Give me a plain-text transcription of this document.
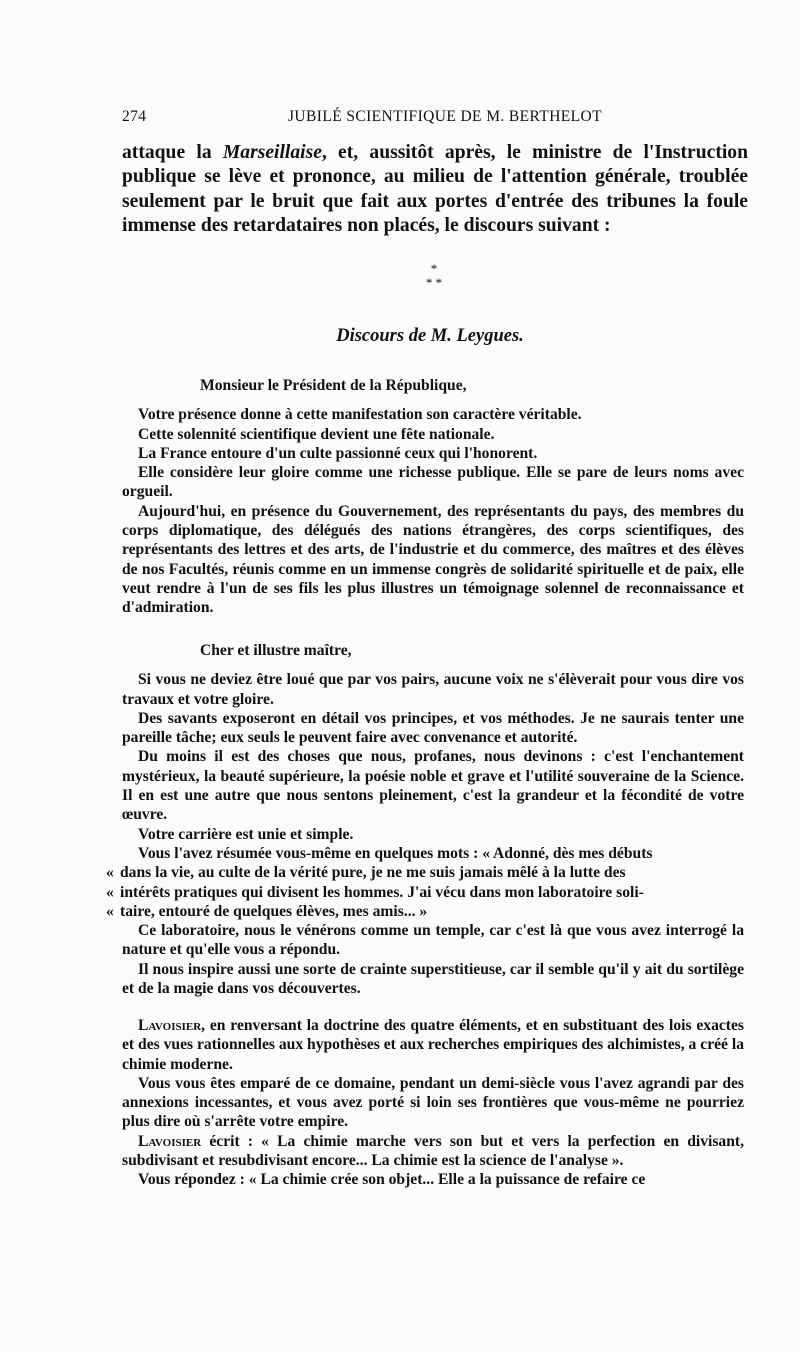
274	JUBILÉ SCIENTIFIQUE DE M. BERTHELOT

attaque la Marseillaise, et, aussitôt après, le ministre de l'Instruction publique se lève et prononce, au milieu de l'attention générale, troublée seulement par le bruit que fait aux portes d'entrée des tribunes la foule immense des retardataires non placés, le discours suivant :

*
* *
Discours de M. Leygues.

Monsieur le Président de la République,

Votre présence donne à cette manifestation son caractère véritable.

Cette solennité scientifique devient une fête nationale.

La France entoure d'un culte passionné ceux qui l'honorent.

Elle considère leur gloire comme une richesse publique. Elle se pare de leurs noms avec orgueil.

Aujourd'hui, en présence du Gouvernement, des représentants du pays, des membres du corps diplomatique, des délégués des nations étrangères, des corps scientifiques, des représentants des lettres et des arts, de l'industrie et du commerce, des maîtres et des élèves de nos Facultés, réunis comme en un immense congrès de solidarité spirituelle et de paix, elle veut rendre à l'un de ses fils les plus illustres un témoignage solennel de reconnaissance et d'admiration.

Cher et illustre maître,

Si vous ne deviez être loué que par vos pairs, aucune voix ne s'élèverait pour vous dire vos travaux et votre gloire.

Des savants exposeront en détail vos principes, et vos méthodes. Je ne saurais tenter une pareille tâche; eux seuls le peuvent faire avec convenance et autorité.

Du moins il est des choses que nous, profanes, nous devinons : c'est l'enchantement mystérieux, la beauté supérieure, la poésie noble et grave et l'utilité souveraine de la Science. Il en est une autre que nous sentons pleinement, c'est la grandeur et la fécondité de votre œuvre.

Votre carrière est unie et simple.

Vous l'avez résumée vous-même en quelques mots : « Adonné, dès mes débuts

« dans la vie, au culte de la vérité pure, je ne me suis jamais mêlé à la lutte des

« intérêts pratiques qui divisent les hommes. J'ai vécu dans mon laboratoire soli-

« taire, entouré de quelques élèves, mes amis... »

Ce laboratoire, nous le vénérons comme un temple, car c'est là que vous avez interrogé la nature et qu'elle vous a répondu.

Il nous inspire aussi une sorte de crainte superstitieuse, car il semble qu'il y ait du sortilège et de la magie dans vos découvertes.

Lavoisier, en renversant la doctrine des quatre éléments, et en substituant des lois exactes et des vues rationnelles aux hypothèses et aux recherches empiriques des alchimistes, a créé la chimie moderne.

Vous vous êtes emparé de ce domaine, pendant un demi-siècle vous l'avez agrandi par des annexions incessantes, et vous avez porté si loin ses frontières que vous-même ne pourriez plus dire où s'arrête votre empire.

Lavoisier écrit : « La chimie marche vers son but et vers la perfection en divisant, subdivisant et resubdivisant encore... La chimie est la science de l'analyse ».

Vous répondez : « La chimie crée son objet... Elle a la puissance de refaire ce
